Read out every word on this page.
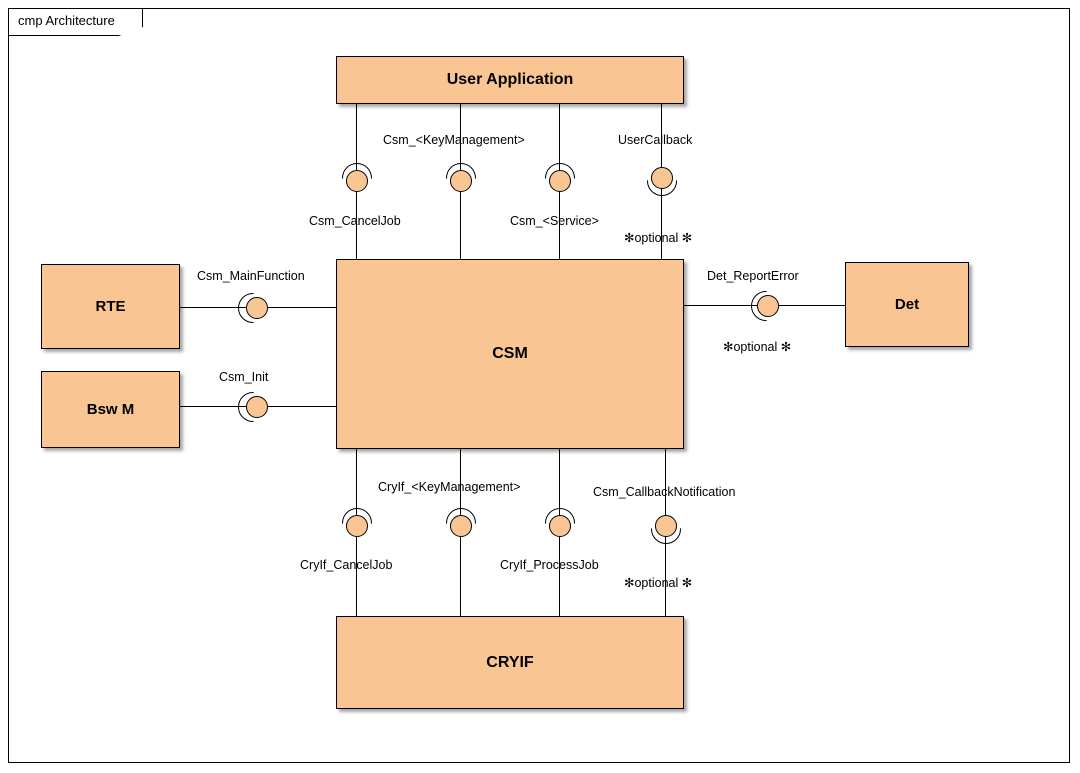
cmp Architecture
User Application
CSM
CRYIF
RTE
Bsw M
Det
Csm_<KeyManagement>	UserCallback
Csm_CancelJob	Csm_<Service>
✻optional ✻
Csm_MainFunction
Csm_Init
Det_ReportError
✻optional ✻
CryIf_<KeyManagement>	Csm_CallbackNotification
CryIf_CancelJob	CryIf_ProcessJob
✻optional ✻
